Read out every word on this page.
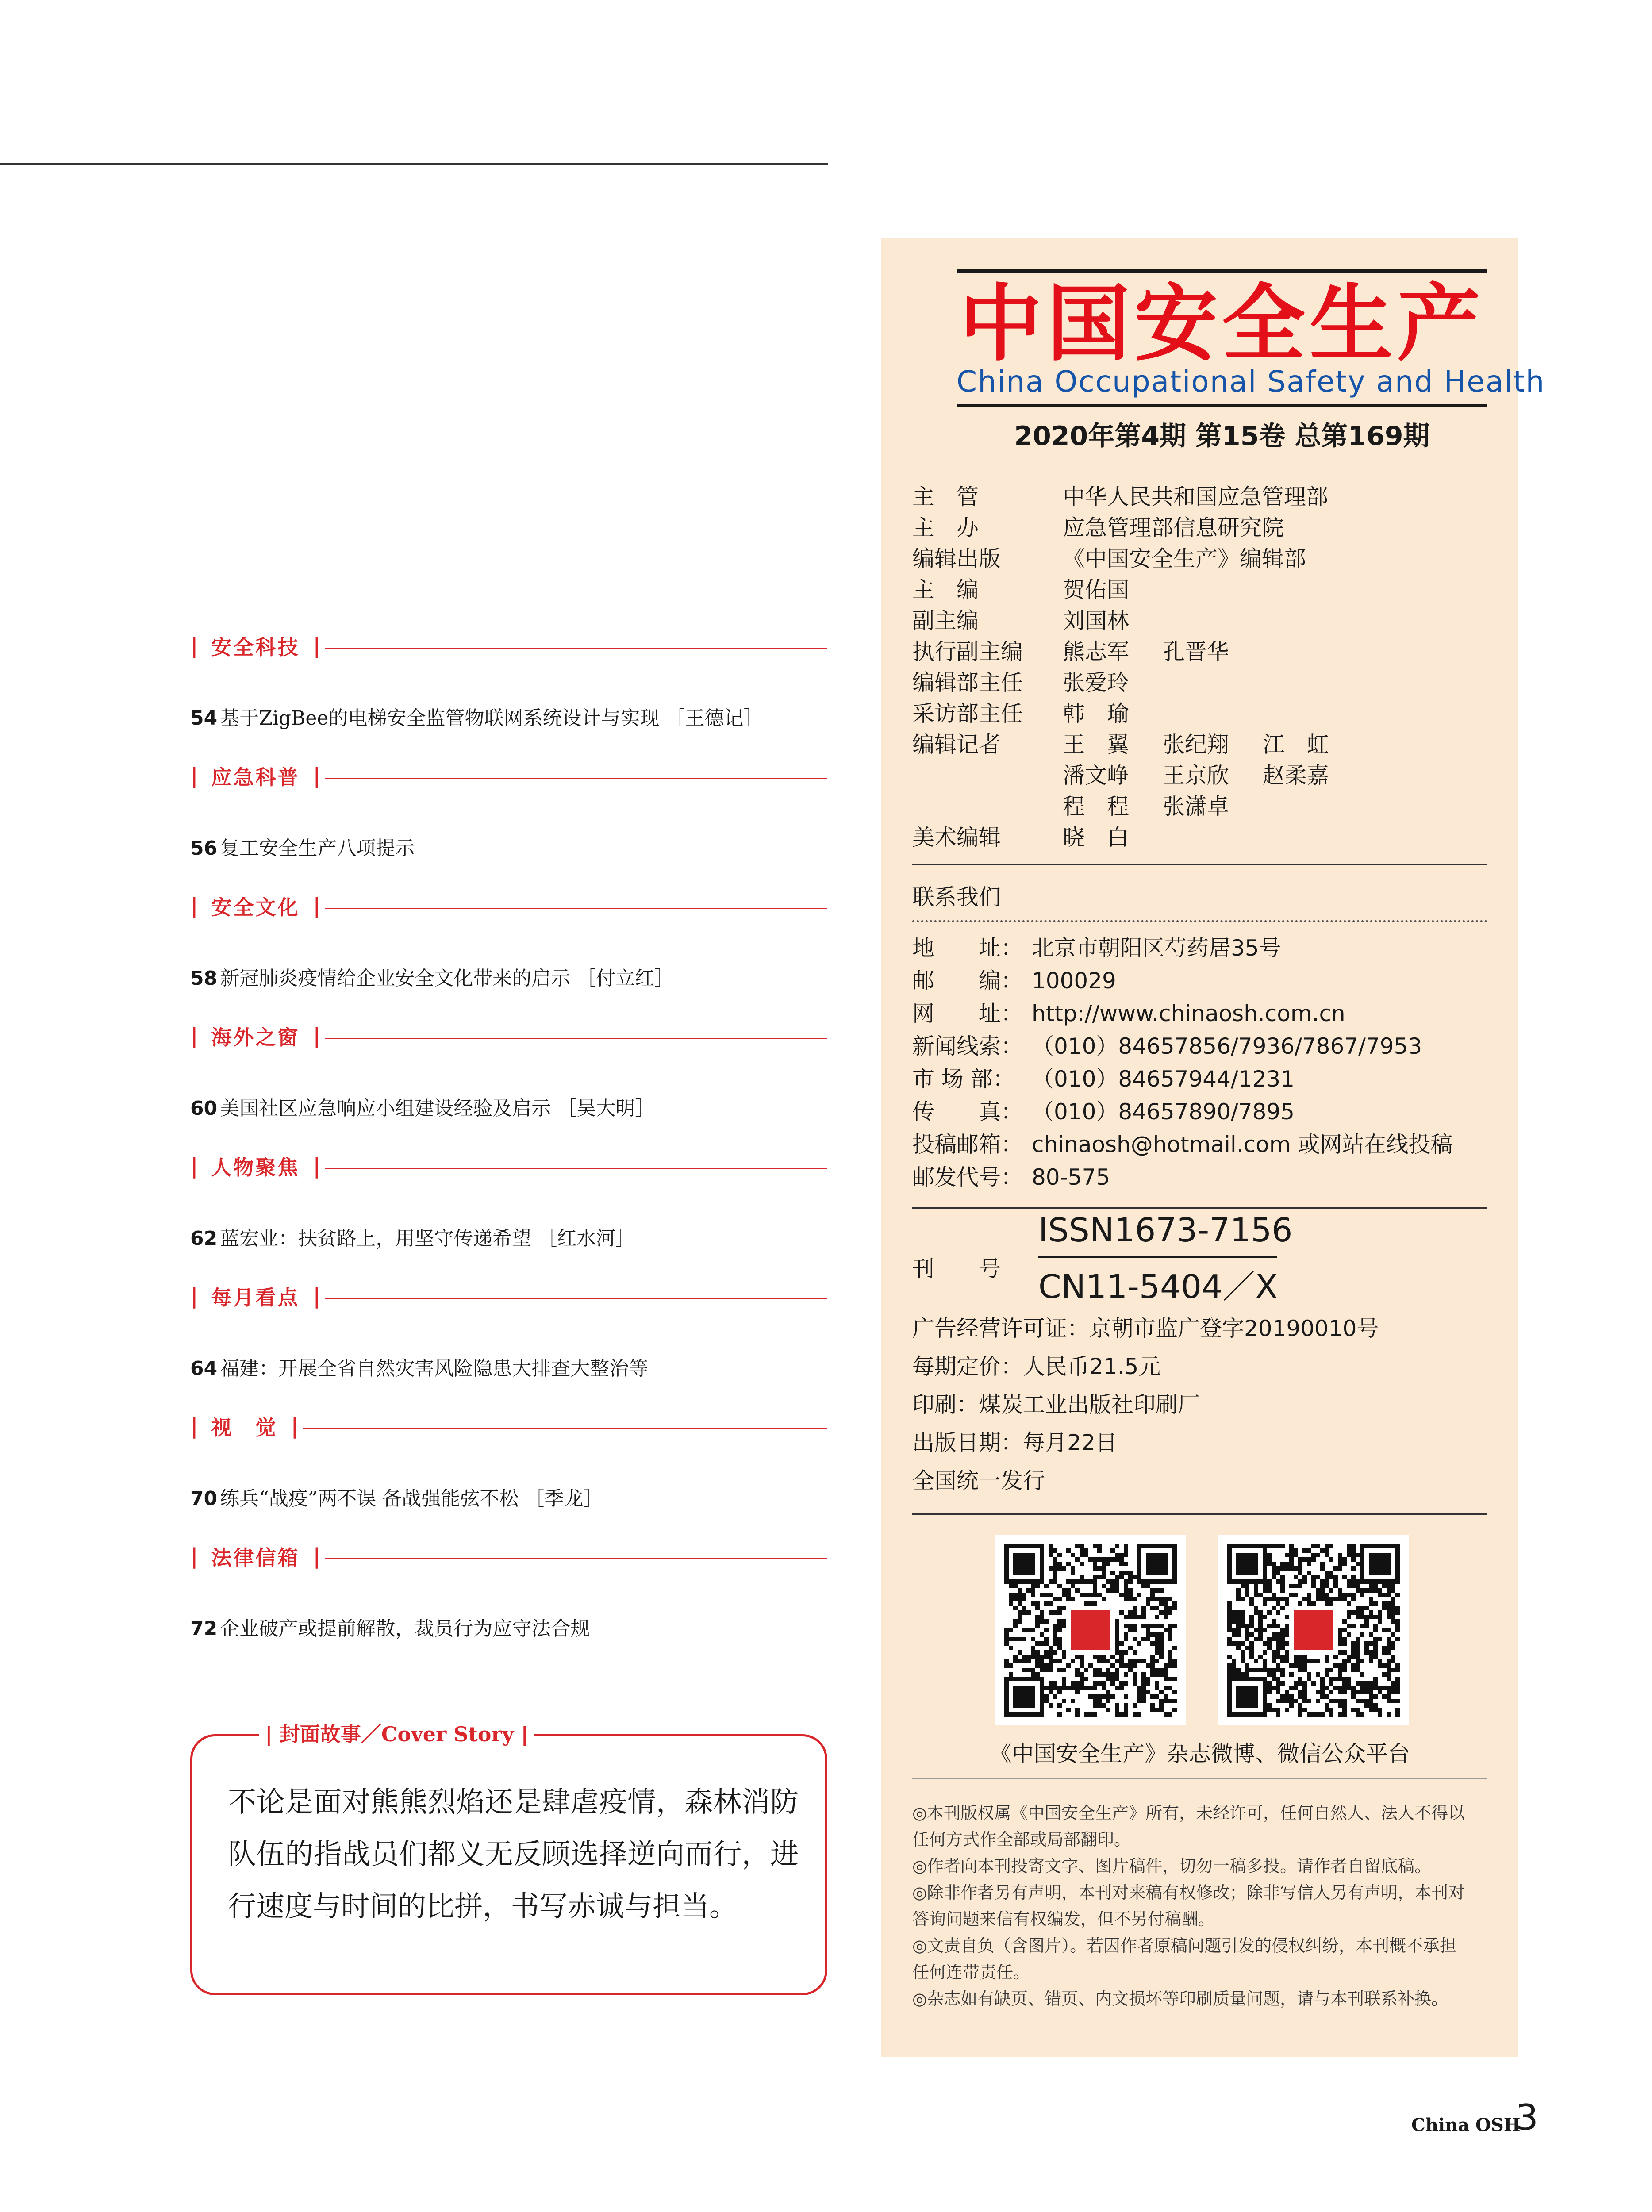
| 安全科技 |
54 基于ZigBee的电梯安全监管物联网系统设计与实现 ［王德记］
| 应急科普 |
56 复工安全生产八项提示
| 安全文化 |
58 新冠肺炎疫情给企业安全文化带来的启示 ［付立红］
| 海外之窗 |
60 美国社区应急响应小组建设经验及启示 ［吴大明］
| 人物聚焦 |
62 蓝宏业：扶贫路上，用坚守传递希望 ［红水河］
| 每月看点 |
64 福建：开展全省自然灾害风险隐患大排查大整治等
| 视　觉 |
70 练兵“战疫”两不误 备战强能弦不松 ［季龙］
| 法律信箱 |
72 企业破产或提前解散，裁员行为应守法合规
| 封面故事／Cover Story |
不论是面对熊熊烈焰还是肆虐疫情，森林消防队伍的指战员们都义无反顾选择逆向而行，进行速度与时间的比拼，书写赤诚与担当。
中国安全生产
China Occupational Safety and Health
2020年第4期 第15卷 总第169期
主　管	中华人民共和国应急管理部
主　办	应急管理部信息研究院
编辑出版	《中国安全生产》编辑部
主　编	贺佑国
副主编	刘国林
执行副主编 熊志军 孔晋华
编辑部主任 张爱玲
采访部主任 韩　瑜
编辑记者	王　翼 张纪翔 江　虹
潘文峥 王京欣 赵柔嘉
程　程 张潇卓
美术编辑	晓　白
联系我们
地　　址： 北京市朝阳区芍药居35号
邮　　编： 100029
网　　址： http://www.chinaosh.com.cn
新闻线索： （010）84657856/7936/7867/7953
市 场 部： （010）84657944/1231
传　　真： （010）84657890/7895
投稿邮箱： chinaosh@hotmail.com 或网站在线投稿
邮发代号： 80-575
刊　　号
ISSN1673-7156
CN11-5404／X
广告经营许可证：京朝市监广登字20190010号
每期定价：人民币21.5元
印刷：煤炭工业出版社印刷厂
出版日期：每月22日
全国统一发行
《中国安全生产》杂志微博、微信公众平台
◎本刊版权属《中国安全生产》所有，未经许可，任何自然人、法人不得以
任何方式作全部或局部翻印。
◎作者向本刊投寄文字、图片稿件，切勿一稿多投。请作者自留底稿。
◎除非作者另有声明，本刊对来稿有权修改；除非写信人另有声明，本刊对
答询问题来信有权编发，但不另付稿酬。
◎文责自负（含图片）。若因作者原稿问题引发的侵权纠纷，本刊概不承担
任何连带责任。
◎杂志如有缺页、错页、内文损坏等印刷质量问题，请与本刊联系补换。
China OSH
3
